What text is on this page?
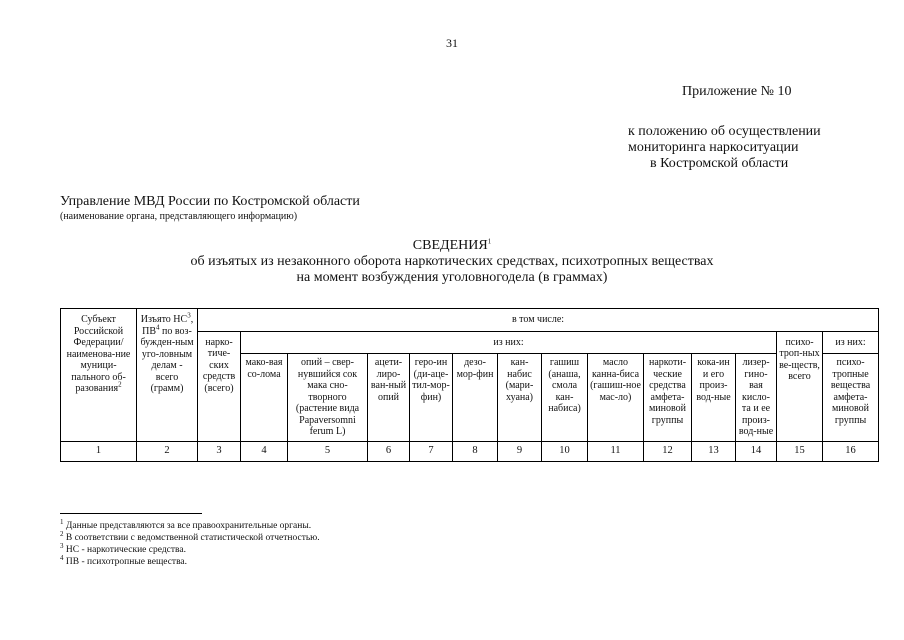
31
Приложение № 10
к положению об осуществлении
мониторинга наркоситуации
в Костромской области
Управление МВД России по Костромской области
(наименование органа, представляющего информацию)
СВЕДЕНИЯ$^1$
об изъятых из незаконного оборота наркотических средствах, психотропных веществах
на момент возбуждения уголовногодела (в граммах)
Субъект Российской Федерации/ наименова-ние муници-пального об-разования$^2$	Изъято $НС^3$, $ПВ^4$ по воз-бужден-ным уго-ловным делам - всего (грамм)	в том числе:													
		нарко-тиче-ских средств (всего)	из них:											психо-троп-ных ве-ществ, всего	из них:
			мако-вая со-лома	опий – свер-нувшийся сок мака сно-творного (растение вида Papaversomni ferum L)	ацети-лиро-ван-ный опий	геро-ин (ди-ацe-тил-мор-фин)	дезо-мор-фин	кан-набис (мари-хуана)	гашиш (анаша, смола кан-набиса)	масло канна-биса (гашиш-ное мас-ло)	наркоти-ческие средства амфета-миновой группы	кока-ин и его произ-вод-ные	лизер-гино-вая кисло-та и ее произ-вод-ные		психо-тропные вещества амфета-миновой группы
1	2	3	4	5	6	7	8	9	10	11	12	13	14	15	16
$^1$ Данные представляются за все правоохранительные органы.
$^2$ В соответствии с ведомственной статистической отчетностью.
$^3$ НС - наркотические средства.
$^4$ ПВ - психотропные вещества.
